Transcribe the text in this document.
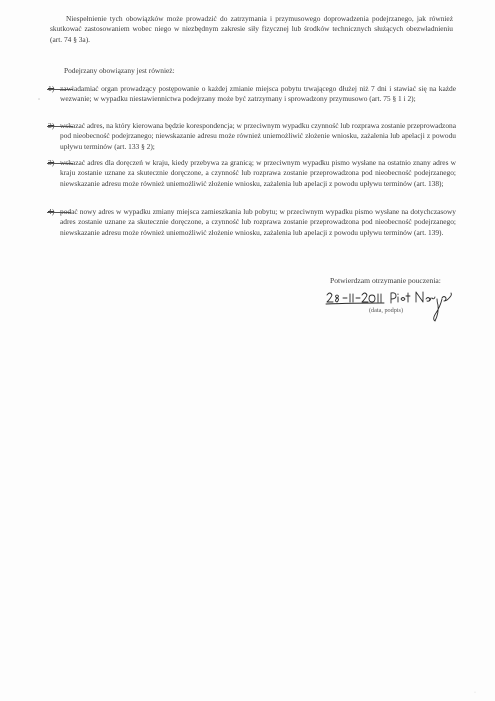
Niespełnienie tych obowiązków może prowadzić do zatrzymania i przymusowego doprowadzenia podejrzanego, jak również skutkować zastosowaniem wobec niego w niezbędnym zakresie siły fizycznej lub środków technicznych służących obezwładnieniu (art. 74 § 3a).
Podejrzany obowiązany jest również:
1) zawiadamiać organ prowadzący postępowanie o każdej zmianie miejsca pobytu trwającego dłużej niż 7 dni i stawiać się na każde wezwanie; w wypadku niestawiennictwa podejrzany może być zatrzymany i sprowadzony przymusowo (art. 75 § 1 i 2);
2) wskazać adres, na który kierowana będzie korespondencja; w przeciwnym wypadku czynność lub rozprawa zostanie przeprowadzona pod nieobecność podejrzanego; niewskazanie adresu może również uniemożliwić złożenie wniosku, zażalenia lub apelacji z powodu upływu terminów (art. 133 § 2);
3) wskazać adres dla doręczeń w kraju, kiedy przebywa za granicą; w przeciwnym wypadku pismo wysłane na ostatnio znany adres w kraju zostanie uznane za skutecznie doręczone, a czynność lub rozprawa zostanie przeprowadzona pod nieobecność podejrzanego; niewskazanie adresu może również uniemożliwić złożenie wniosku, zażalenia lub apelacji z powodu upływu terminów (art. 138);
4) podać nowy adres w wypadku zmiany miejsca zamieszkania lub pobytu; w przeciwnym wypadku pismo wysłane na dotychczasowy adres zostanie uznane za skutecznie doręczone, a czynność lub rozprawa zostanie przeprowadzona pod nieobecność podejrzanego; niewskazanie adresu może również uniemożliwić złożenie wniosku, zażalenia lub apelacji z powodu upływu terminów (art. 139).
Potwierdzam otrzymanie pouczenia:
(data, podpis)
▫
·
